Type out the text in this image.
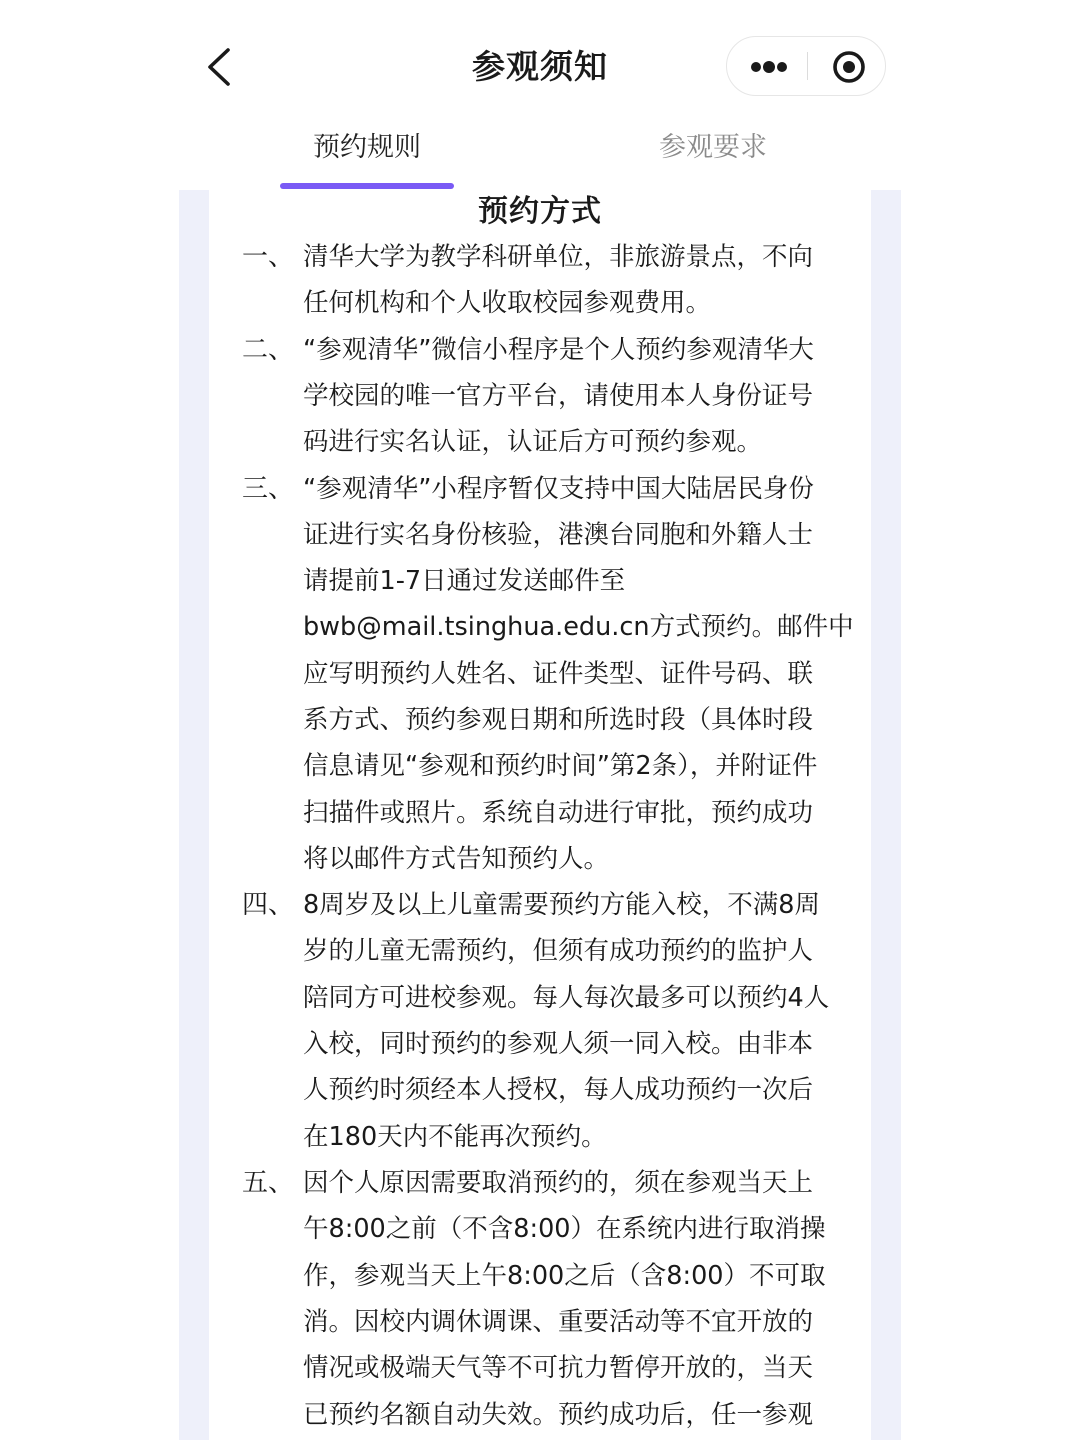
参观须知
预约规则	参观要求
预约方式
一、 清华大学为教学科研单位，非旅游景点，不向
任何机构和个人收取校园参观费用。
二、 “参观清华”微信小程序是个人预约参观清华大
学校园的唯一官方平台，请使用本人身份证号
码进行实名认证，认证后方可预约参观。
三、 “参观清华”小程序暂仅支持中国大陆居民身份
证进行实名身份核验，港澳台同胞和外籍人士
请提前1-7日通过发送邮件至
bwb@mail.tsinghua.edu.cn方式预约。邮件中
应写明预约人姓名、证件类型、证件号码、联
系方式、预约参观日期和所选时段（具体时段
信息请见“参观和预约时间”第2条），并附证件
扫描件或照片。系统自动进行审批，预约成功
将以邮件方式告知预约人。
四、 8周岁及以上儿童需要预约方能入校，不满8周
岁的儿童无需预约，但须有成功预约的监护人
陪同方可进校参观。每人每次最多可以预约4人
入校，同时预约的参观人须一同入校。由非本
人预约时须经本人授权，每人成功预约一次后
在180天内不能再次预约。
五、 因个人原因需要取消预约的，须在参观当天上
午8:00之前（不含8:00）在系统内进行取消操
作，参观当天上午8:00之后（含8:00）不可取
消。因校内调休调课、重要活动等不宜开放的
情况或极端天气等不可抗力暂停开放的，当天
已预约名额自动失效。预约成功后，任一参观
